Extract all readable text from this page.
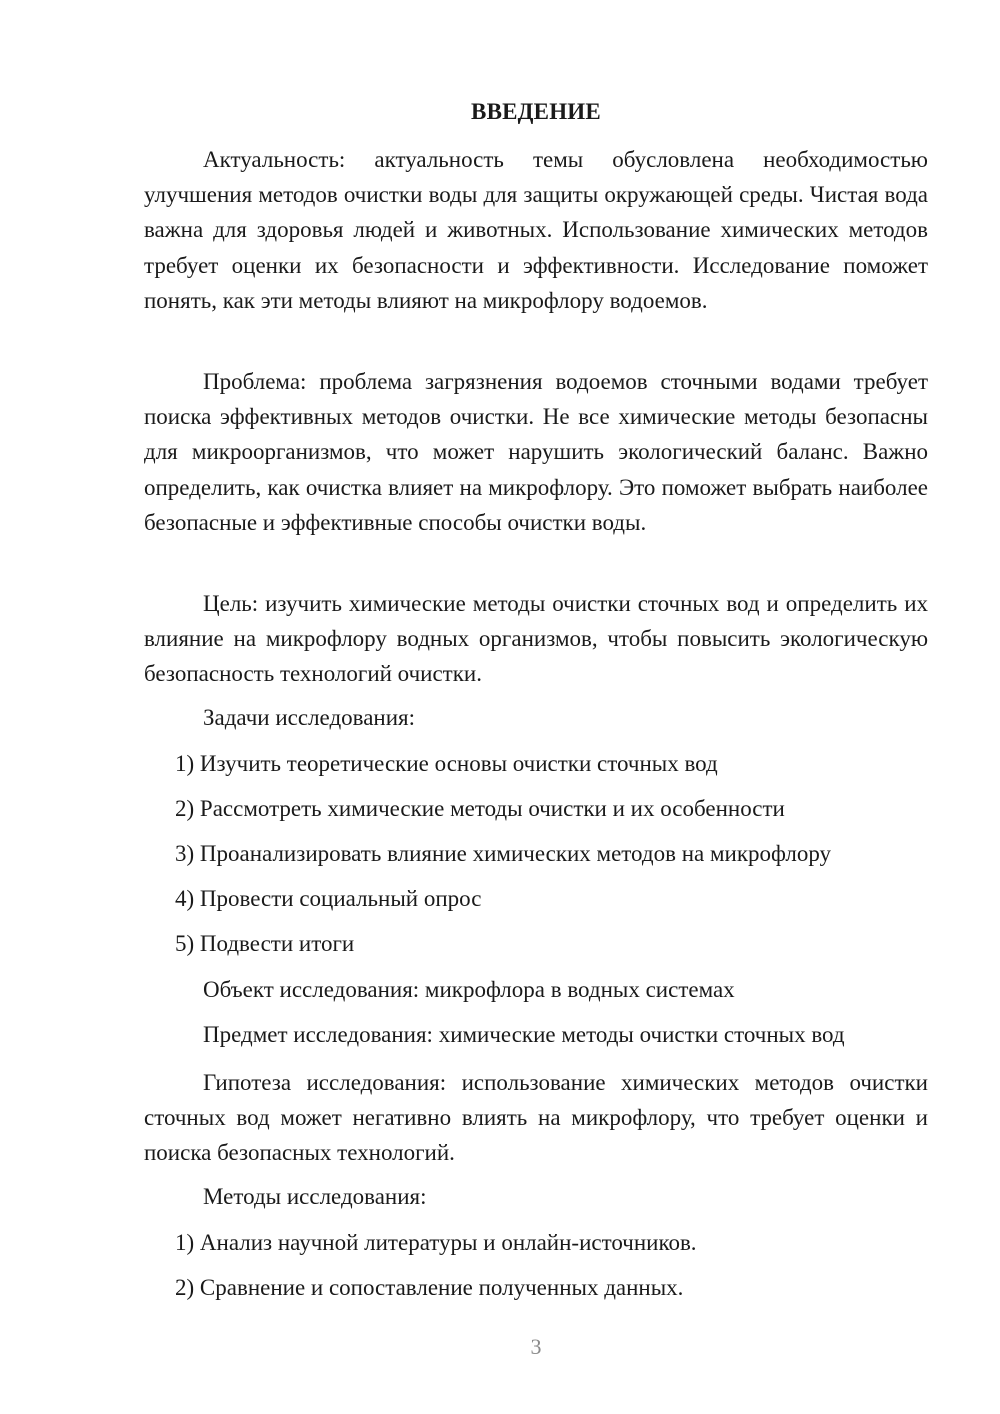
ВВЕДЕНИЕ

Актуальность: актуальность темы обусловлена необходимостью улучшения методов очистки воды для защиты окружающей среды. Чистая вода важна для здоровья людей и животных. Использование химических методов требует оценки их безопасности и эффективности. Исследование поможет понять, как эти методы влияют на микрофлору водоемов.

Проблема: проблема загрязнения водоемов сточными водами требует поиска эффективных методов очистки. Не все химические методы безопасны для микроорганизмов, что может нарушить экологический баланс. Важно определить, как очистка влияет на микрофлору. Это поможет выбрать наиболее безопасные и эффективные способы очистки воды.

Цель: изучить химические методы очистки сточных вод и определить их влияние на микрофлору водных организмов, чтобы повысить экологическую безопасность технологий очистки.

Задачи исследования:

1) Изучить теоретические основы очистки сточных вод

2) Рассмотреть химические методы очистки и их особенности

3) Проанализировать влияние химических методов на микрофлору

4) Провести социальный опрос

5) Подвести итоги

Объект исследования: микрофлора в водных системах

Предмет исследования: химические методы очистки сточных вод

Гипотеза исследования: использование химических методов очистки сточных вод может негативно влиять на микрофлору, что требует оценки и поиска безопасных технологий.

Методы исследования:

1) Анализ научной литературы и онлайн-источников.

2) Сравнение и сопоставление полученных данных.

3
